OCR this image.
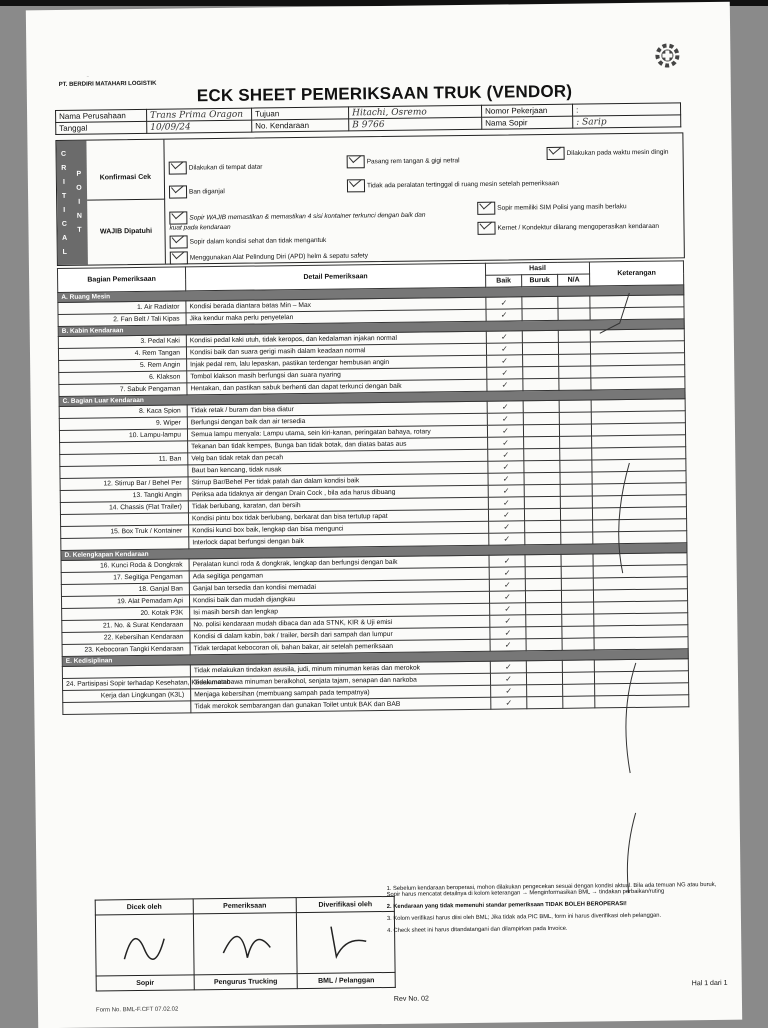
~
PT. BERDIRI MATAHARI LOGISTIK ECK SHEET PEMERIKSAAN TRUK (VENDOR)
Nama Perusahaan	Trans Prima Oragon	Tujuan	Hitachi, Osremo	Nomor Pekerjaan	:
Tanggal	10/09/24	No. Kendaraan	B 9766	Nama Sopir	: Sarip
C
R
I
T
I
C
A
L
P
O
I
N
T
Konfirmasi Cek
WAJIB Dipatuhi
Dilakukan di tempat datar
Pasang rem tangan & gigi netral
Dilakukan pada waktu mesin dingin
Ban diganjal
Tidak ada peralatan tertinggal di ruang mesin setelah pemeriksaan
Sopir WAJIB memastikan & memastikan 4 sisi kontainer terkunci dengan baik dan kuat pada kendaraan
Sopir memiliki SIM Polisi yang masih berlaku
Sopir dalam kondisi sehat dan tidak mengantuk
Kernet / Kondektur dilarang mengoperasikan kendaraan
Menggunakan Alat Pelindung Diri (APD) helm & sepatu safety
Bagian Pemeriksaan	Detail Pemeriksaan	Hasil			Keterangan
		Baik	Buruk	N/A	
A. Ruang Mesin					
1. Air Radiator	Kondisi berada diantara batas Min – Max	✓			
2. Fan Belt / Tali Kipas	Jika kendur maka perlu penyetelan	✓			
B. Kabin Kendaraan					
3. Pedal Kaki	Kondisi pedal kaki utuh, tidak keropos, dan kedalaman injakan normal	✓			
4. Rem Tangan	Kondisi baik dan suara gerigi masih dalam keadaan normal	✓			
5. Rem Angin	Injak pedal rem, lalu lepaskan, pastikan terdengar hembusan angin	✓			
6. Klakson	Tombol klakson masih berfungsi dan suara nyaring	✓			
7. Sabuk Pengaman	Hentakan, dan pastikan sabuk berhenti dan dapat terkunci dengan baik	✓			
C. Bagian Luar Kendaraan					
8. Kaca Spion	Tidak retak / buram dan bisa diatur	✓			
9. Wiper	Berfungsi dengan baik dan air tersedia	✓			
10. Lampu-lampu	Semua lampu menyala: Lampu utama, sein kiri-kanan, peringatan bahaya, rotary	✓			
	Tekanan ban tidak kempes, Bunga ban tidak botak, dan diatas batas aus	✓			
11. Ban	Velg ban tidak retak dan pecah	✓			
	Baut ban kencang, tidak rusak	✓			
12. Stirrup Bar / Behel Per	Stirrup Bar/Behel Per tidak patah dan dalam kondisi baik	✓			
13. Tangki Angin	Periksa ada tidaknya air dengan Drain Cock , bila ada harus dibuang	✓			
14. Chassis (Flat Trailer)	Tidak berlubang, karatan, dan bersih	✓			
	Kondisi pintu box tidak berlubang, berkarat dan bisa tertutup rapat	✓			
15. Box Truk / Kontainer	Kondisi kunci box baik, lengkap dan bisa mengunci	✓			
	Interlock dapat berfungsi dengan baik	✓			
D. Kelengkapan Kendaraan					
16. Kunci Roda & Dongkrak	Peralatan kunci roda & dongkrak, lengkap dan berfungsi dengan baik	✓			
17. Segitiga Pengaman	Ada segitiga pengaman	✓			
18. Ganjal Ban	Ganjal ban tersedia dan kondisi memadai	✓			
19. Alat Pemadam Api	Kondisi baik dan mudah dijangkau	✓			
20. Kotak P3K	Isi masih bersih dan lengkap	✓			
21. No. & Surat Kendaraan	No. polisi kendaraan mudah dibaca dan ada STNK, KIR & Uji emisi	✓			
22. Kebersihan Kendaraan	Kondisi di dalam kabin, bak / trailer, bersih dari sampah dan lumpur	✓			
23. Kebocoran Tangki Kendaraan	Tidak terdapat kebocoran oli, bahan bakar, air setelah pemeriksaan	✓			
E. Kedisiplinan					
	Tidak melakukan tindakan asusila, judi, minum minuman keras dan merokok	✓			
24. Partisipasi Sopir terhadap Kesehatan, Keselamatan	Tidak membawa minuman beralkohol, senjata tajam, senapan dan narkoba	✓			
Kerja dan Lingkungan (K3L)	Menjaga kebersihan (membuang sampah pada tempatnya)	✓			
	Tidak merokok sembarangan dan gunakan Toilet untuk BAK dan BAB	✓			
Dicek oleh	Pemeriksaan	Diverifikasi oleh

Sopir	Pengurus Trucking	BML / Pelanggan
1. Sebelum kendaraan beroperasi, mohon dilakukan pengecekan sesuai dengan kondisi aktual. Bila ada temuan NG atau buruk, Sopir harus mencatat detailnya di kolom keterangan → Menginformasikan BML → tindakan perbaikan/ruting
2. Kendaraan yang tidak memenuhi standar pemeriksaan TIDAK BOLEH BEROPERASI!
3. Kolom verifikasi harus diisi oleh BML; Jika tidak ada PIC BML, form ini harus diverifikasi oleh pelanggan.
4. Check sheet ini harus ditandatangani dan dilampirkan pada Invoice.
Form No. BML-F.CFT 07.02.02
Rev No. 02
Hal 1 dari 1
